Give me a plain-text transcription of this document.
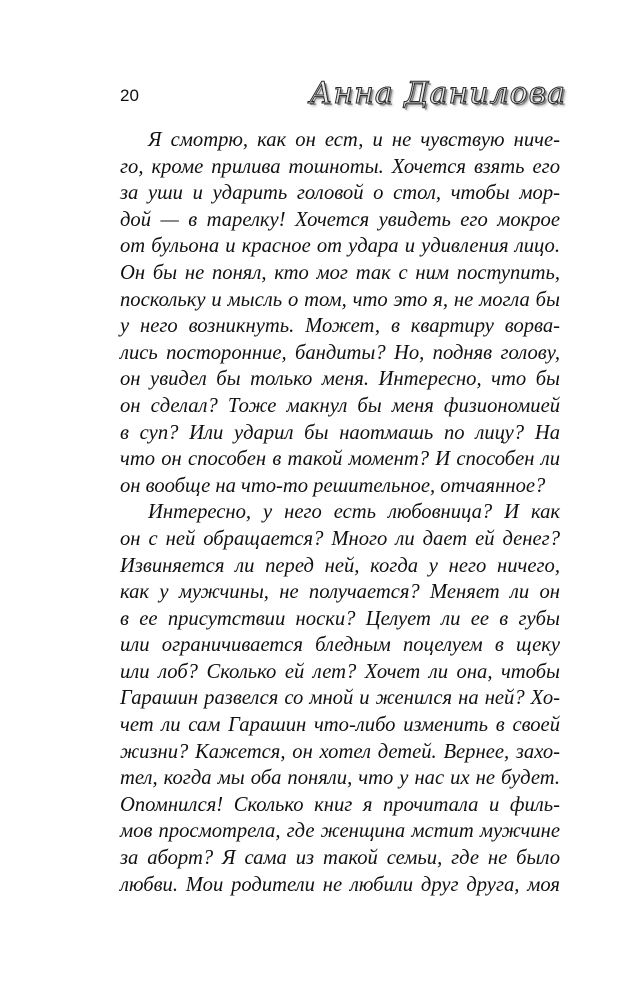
20	Анна Данилова
Я смотрю, как он ест, и не чувствую ниче-
го, кроме прилива тошноты. Хочется взять его
за уши и ударить головой о стол, чтобы мор-
дой — в тарелку! Хочется увидеть его мокрое
от бульона и красное от удара и удивления лицо.
Он бы не понял, кто мог так с ним поступить,
поскольку и мысль о том, что это я, не могла бы
у него возникнуть. Может, в квартиру ворва-
лись посторонние, бандиты? Но, подняв голову,
он увидел бы только меня. Интересно, что бы
он сделал? Тоже макнул бы меня физиономией
в суп? Или ударил бы наотмашь по лицу? На
что он способен в такой момент? И способен ли
он вообще на что-то решительное, отчаянное?
Интересно, у него есть любовница? И как
он с ней обращается? Много ли дает ей денег?
Извиняется ли перед ней, когда у него ничего,
как у мужчины, не получается? Меняет ли он
в ее присутствии носки? Целует ли ее в губы
или ограничивается бледным поцелуем в щеку
или лоб? Сколько ей лет? Хочет ли она, чтобы
Гарашин развелся со мной и женился на ней? Хо-
чет ли сам Гарашин что-либо изменить в своей
жизни? Кажется, он хотел детей. Вернее, захо-
тел, когда мы оба поняли, что у нас их не будет.
Опомнился! Сколько книг я прочитала и филь-
мов просмотрела, где женщина мстит мужчине
за аборт? Я сама из такой семьи, где не было
любви. Мои родители не любили друг друга, моя
